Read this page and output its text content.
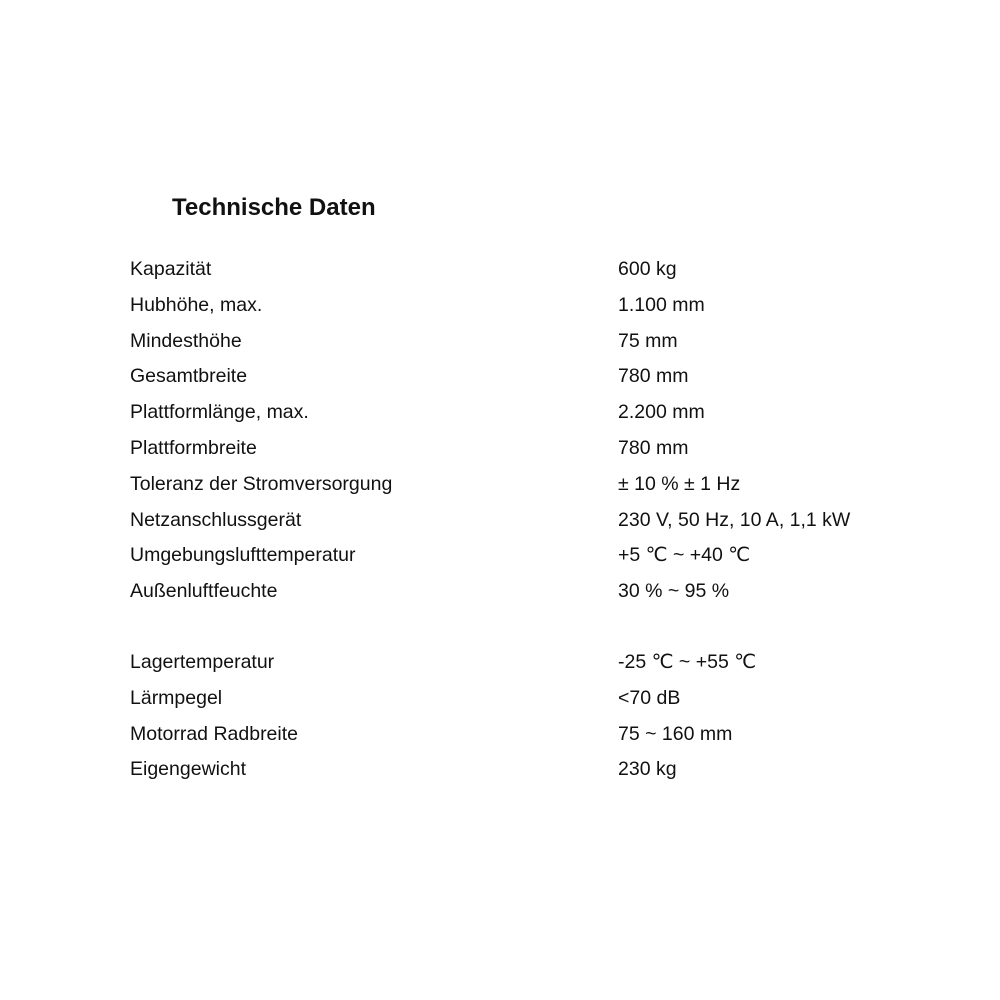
Technische Daten
Kapazität	600 kg
Hubhöhe, max.	1.100 mm
Mindesthöhe	75 mm
Gesamtbreite	780 mm
Plattformlänge, max.	2.200 mm
Plattformbreite	780 mm
Toleranz der Stromversorgung	± 10 % ± 1 Hz
Netzanschlussgerät	230 V, 50 Hz, 10 A, 1,1 kW
Umgebungslufttemperatur	+5 ℃ ~ +40 ℃
Außenluftfeuchte	30 % ~ 95 %
Lagertemperatur	-25 ℃ ~ +55 ℃
Lärmpegel	<70 dB
Motorrad Radbreite	75 ~ 160 mm
Eigengewicht	230 kg
